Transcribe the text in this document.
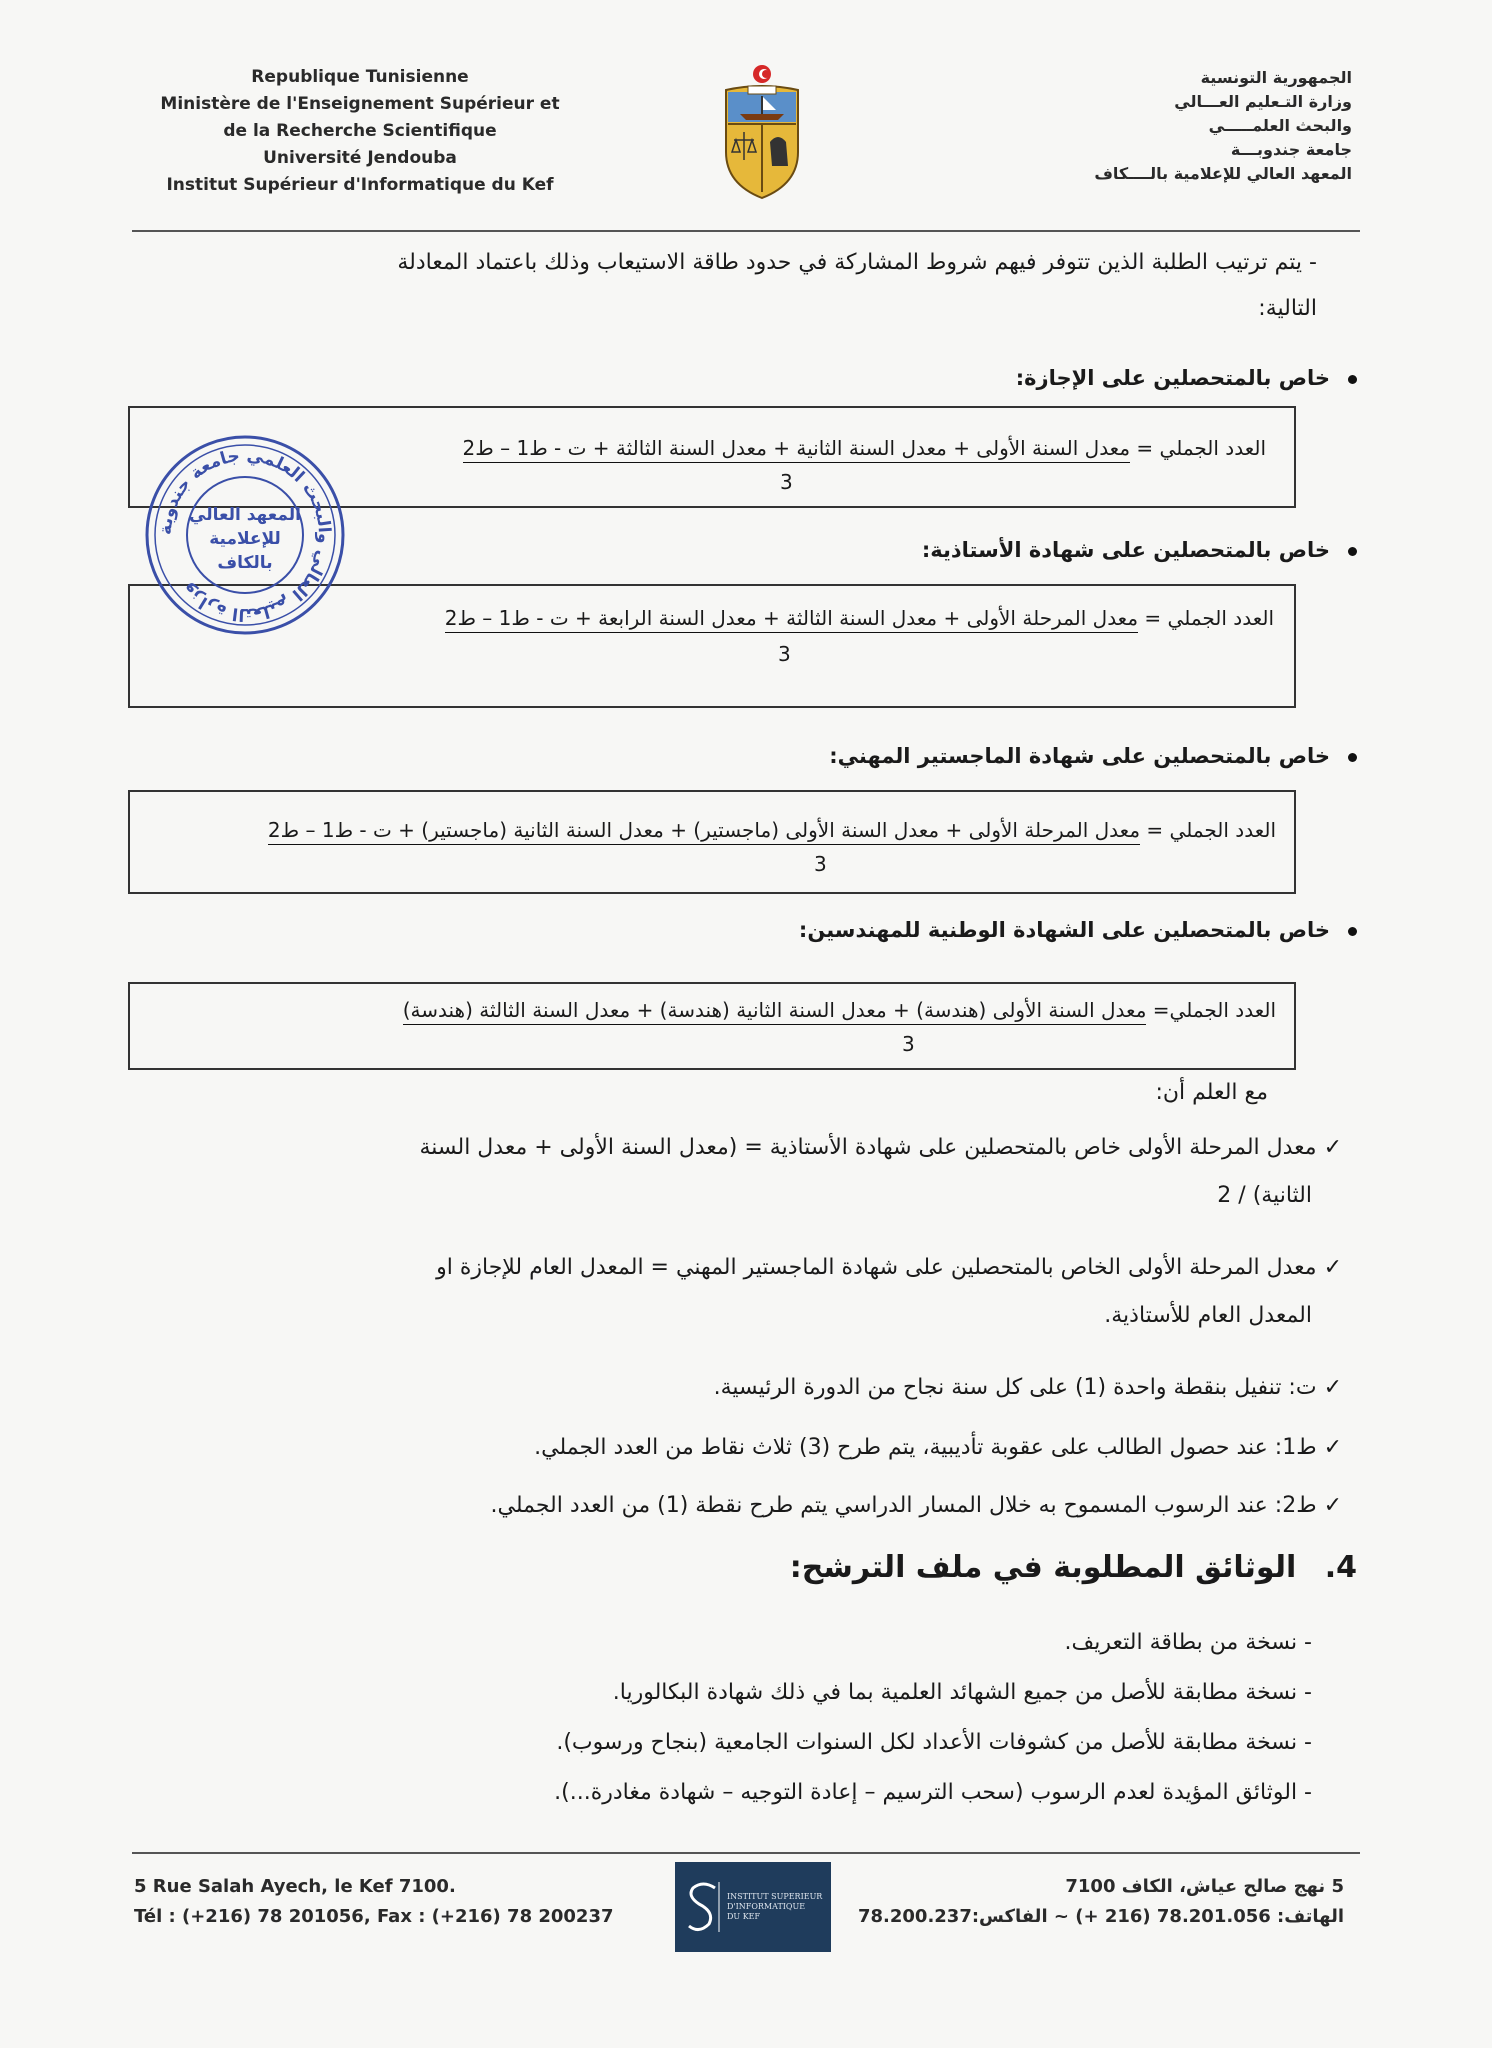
Republique Tunisienne
Ministère de l'Enseignement Supérieur et
de la Recherche Scientifique
Université Jendouba
Institut Supérieur d'Informatique du Kef
الجمهورية التونسية
وزارة التـعليم العـــالي
والبحث العلمـــــي
جامعة جندوبـــة
المعهد العالي للإعلامية بالــــكاف
- يتم ترتيب الطلبة الذين تتوفر فيهم شروط المشاركة في حدود طاقة الاستيعاب وذلك باعتماد المعادلة
التالية:
خاص بالمتحصلين على الإجازة:
العدد الجملي = معدل السنة الأولى + معدل السنة الثانية + معدل السنة الثالثة + ت - ط1 – ط2
3
خاص بالمتحصلين على شهادة الأستاذية:
العدد الجملي = معدل المرحلة الأولى + معدل السنة الثالثة + معدل السنة الرابعة + ت - ط1 – ط2
3
خاص بالمتحصلين على شهادة الماجستير المهني:
العدد الجملي = معدل المرحلة الأولى + معدل السنة الأولى (ماجستير) + معدل السنة الثانية (ماجستير) + ت - ط1 – ط2
3
خاص بالمتحصلين على الشهادة الوطنية للمهندسين:
العدد الجملي= معدل السنة الأولى (هندسة) + معدل السنة الثانية (هندسة) + معدل السنة الثالثة (هندسة)
3
مع العلم أن:
✓ معدل المرحلة الأولى خاص بالمتحصلين على شهادة الأستاذية = (معدل السنة الأولى + معدل السنة
الثانية) / 2
✓ معدل المرحلة الأولى الخاص بالمتحصلين على شهادة الماجستير المهني = المعدل العام للإجازة او
المعدل العام للأستاذية.
✓ ت: تنفيل بنقطة واحدة (1) على كل سنة نجاح من الدورة الرئيسية.
✓ ط1: عند حصول الطالب على عقوبة تأديبية، يتم طرح (3) ثلاث نقاط من العدد الجملي.
✓ ط2: عند الرسوب المسموح به خلال المسار الدراسي يتم طرح نقطة (1) من العدد الجملي.
4. الوثائق المطلوبة في ملف الترشح:
- نسخة من بطاقة التعريف.
- نسخة مطابقة للأصل من جميع الشهائد العلمية بما في ذلك شهادة البكالوريا.
- نسخة مطابقة للأصل من كشوفات الأعداد لكل السنوات الجامعية (بنجاح ورسوب).
- الوثائق المؤيدة لعدم الرسوب (سحب الترسيم – إعادة التوجيه – شهادة مغادرة...).
وزارة التعليم العالي والبحث العلمي جامعة جندوبة
المعهد العالي
للإعلامية
بالكاف
5 Rue Salah Ayech, le Kef 7100.
Tél : (+216) 78 201056, Fax : (+216) 78 200237
INSTITUT SUPERIEUR
D'INFORMATIQUE
DU KEF
5 نهج صالح عياش، الكاف 7100
الهاتف: 78.201.056 (216 +) ~ الفاكس:78.200.237
